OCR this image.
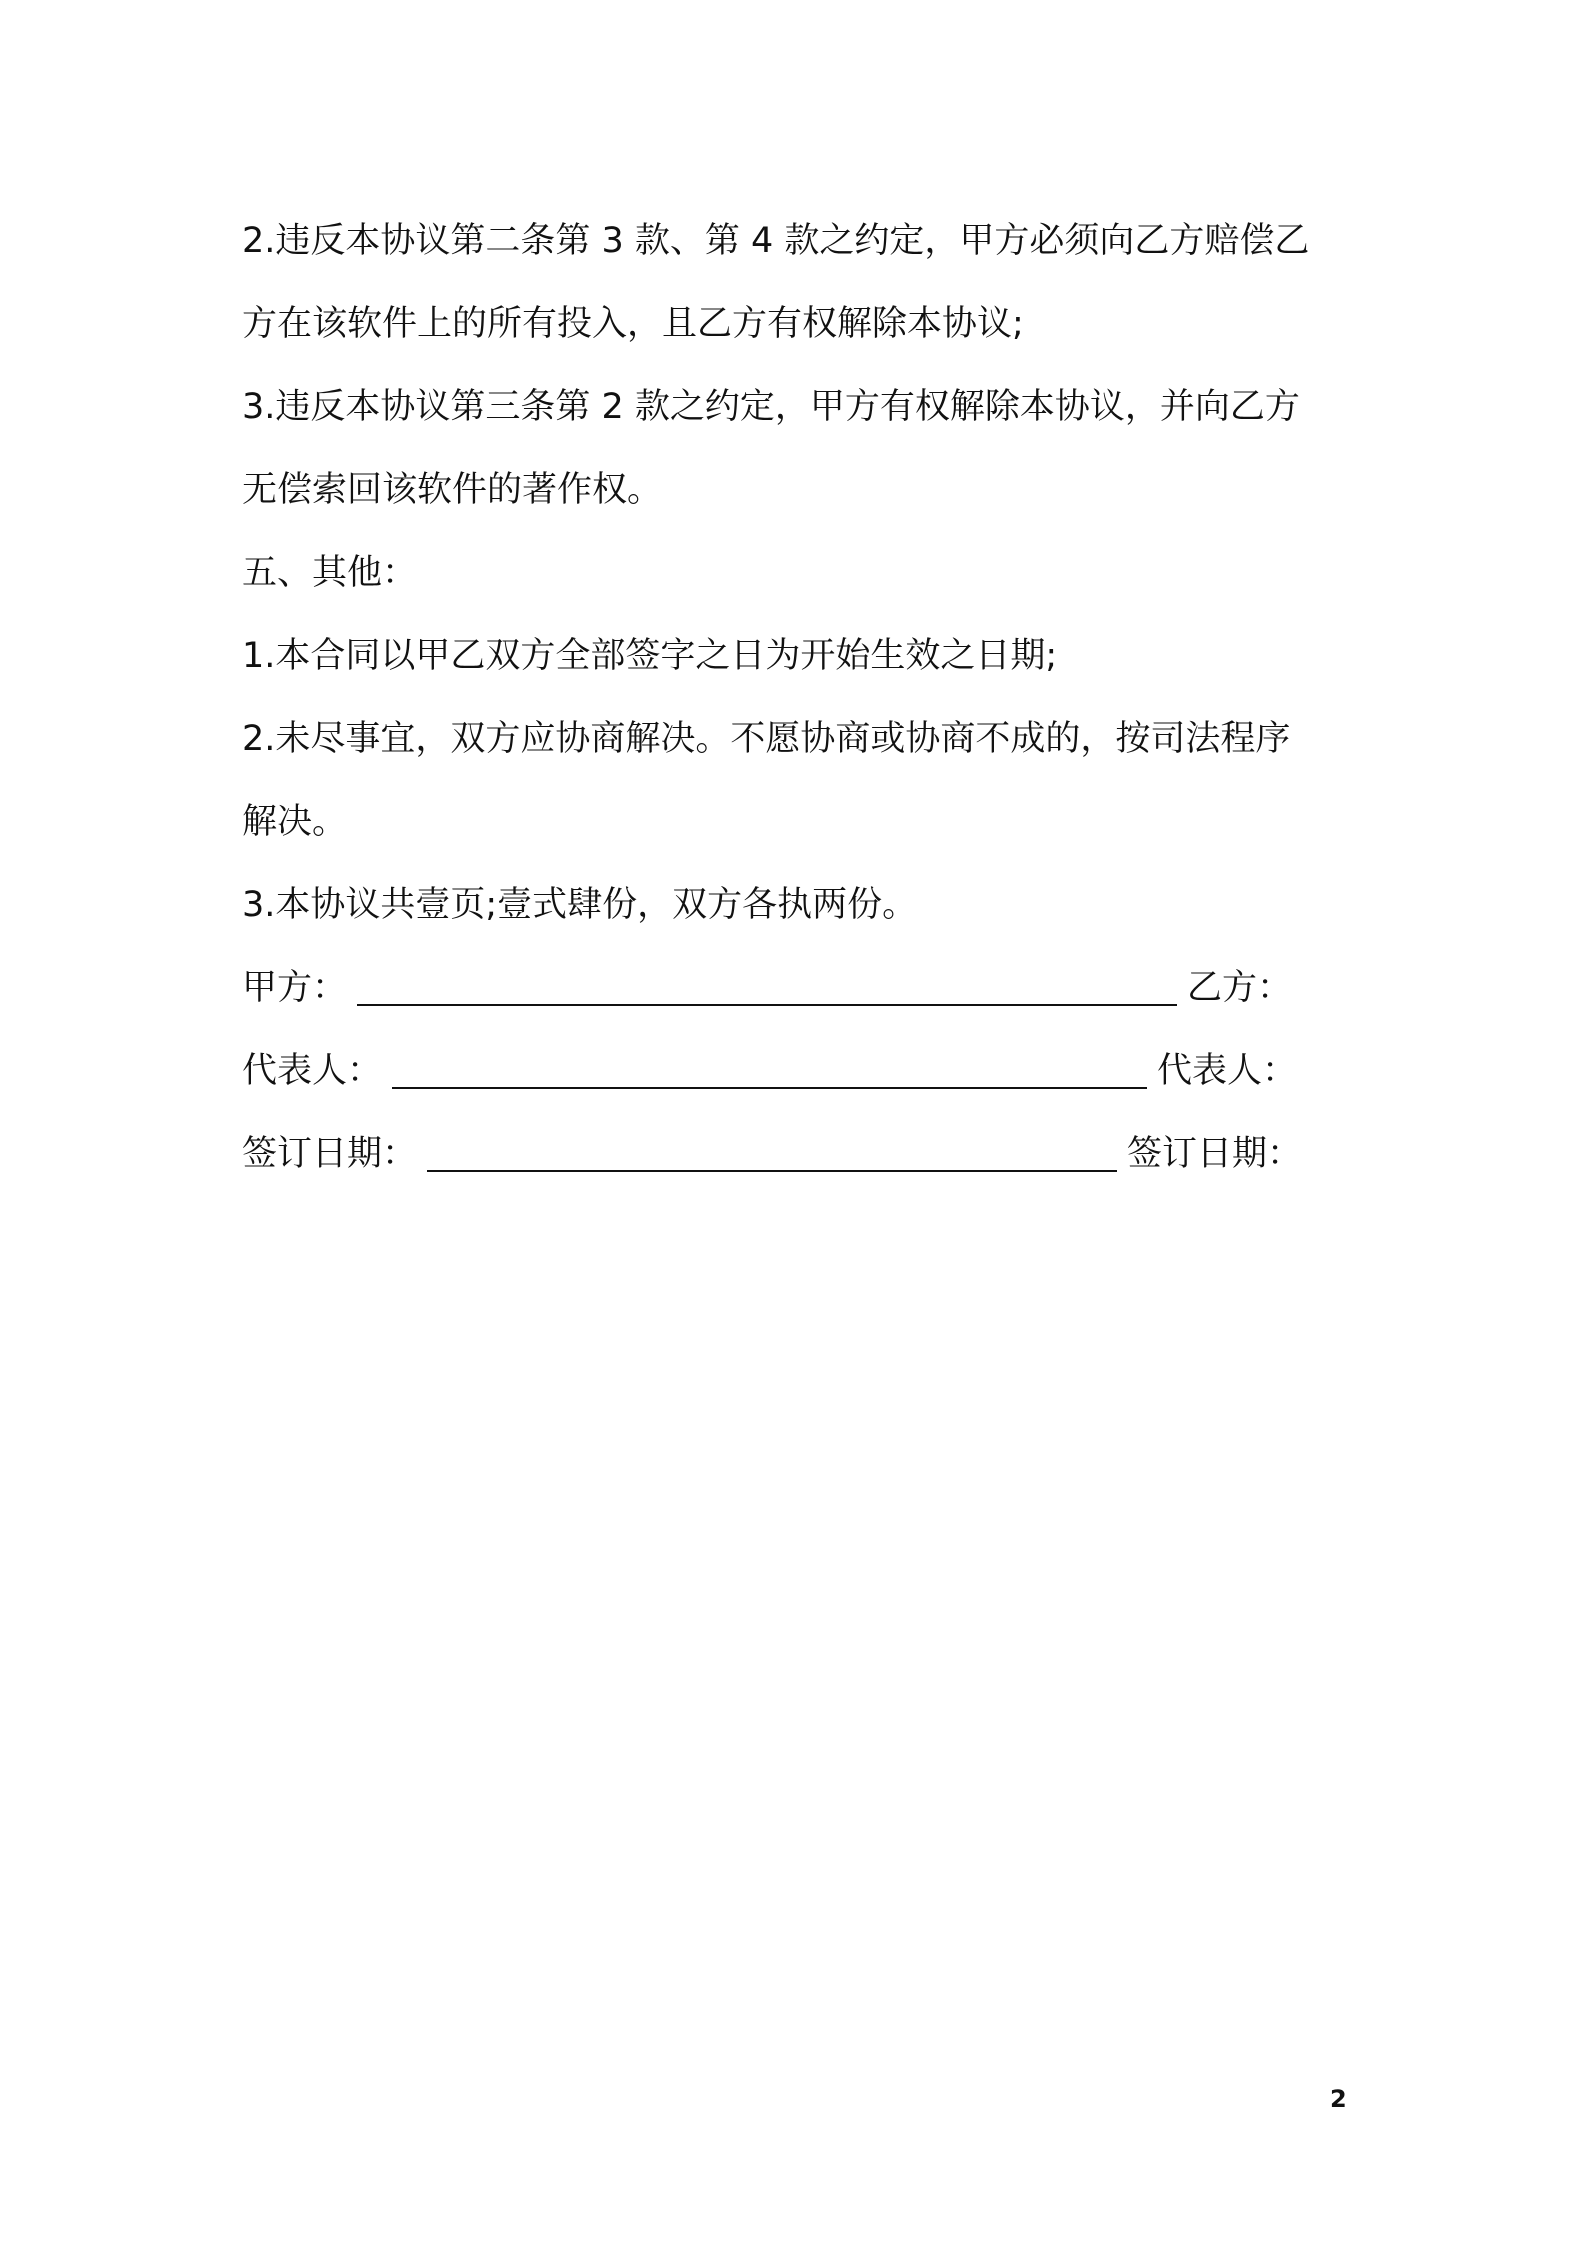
2.违反本协议第二条第 3 款、第 4 款之约定，甲方必须向乙方赔偿乙

方在该软件上的所有投入，且乙方有权解除本协议;

3.违反本协议第三条第 2 款之约定，甲方有权解除本协议，并向乙方

无偿索回该软件的著作权。

五、其他：

1.本合同以甲乙双方全部签字之日为开始生效之日期;

2.未尽事宜，双方应协商解决。不愿协商或协商不成的，按司法程序

解决。

3.本协议共壹页;壹式肆份，双方各执两份。

甲方：	乙方：
代表人：	代表人：
签订日期：	签订日期：
2
